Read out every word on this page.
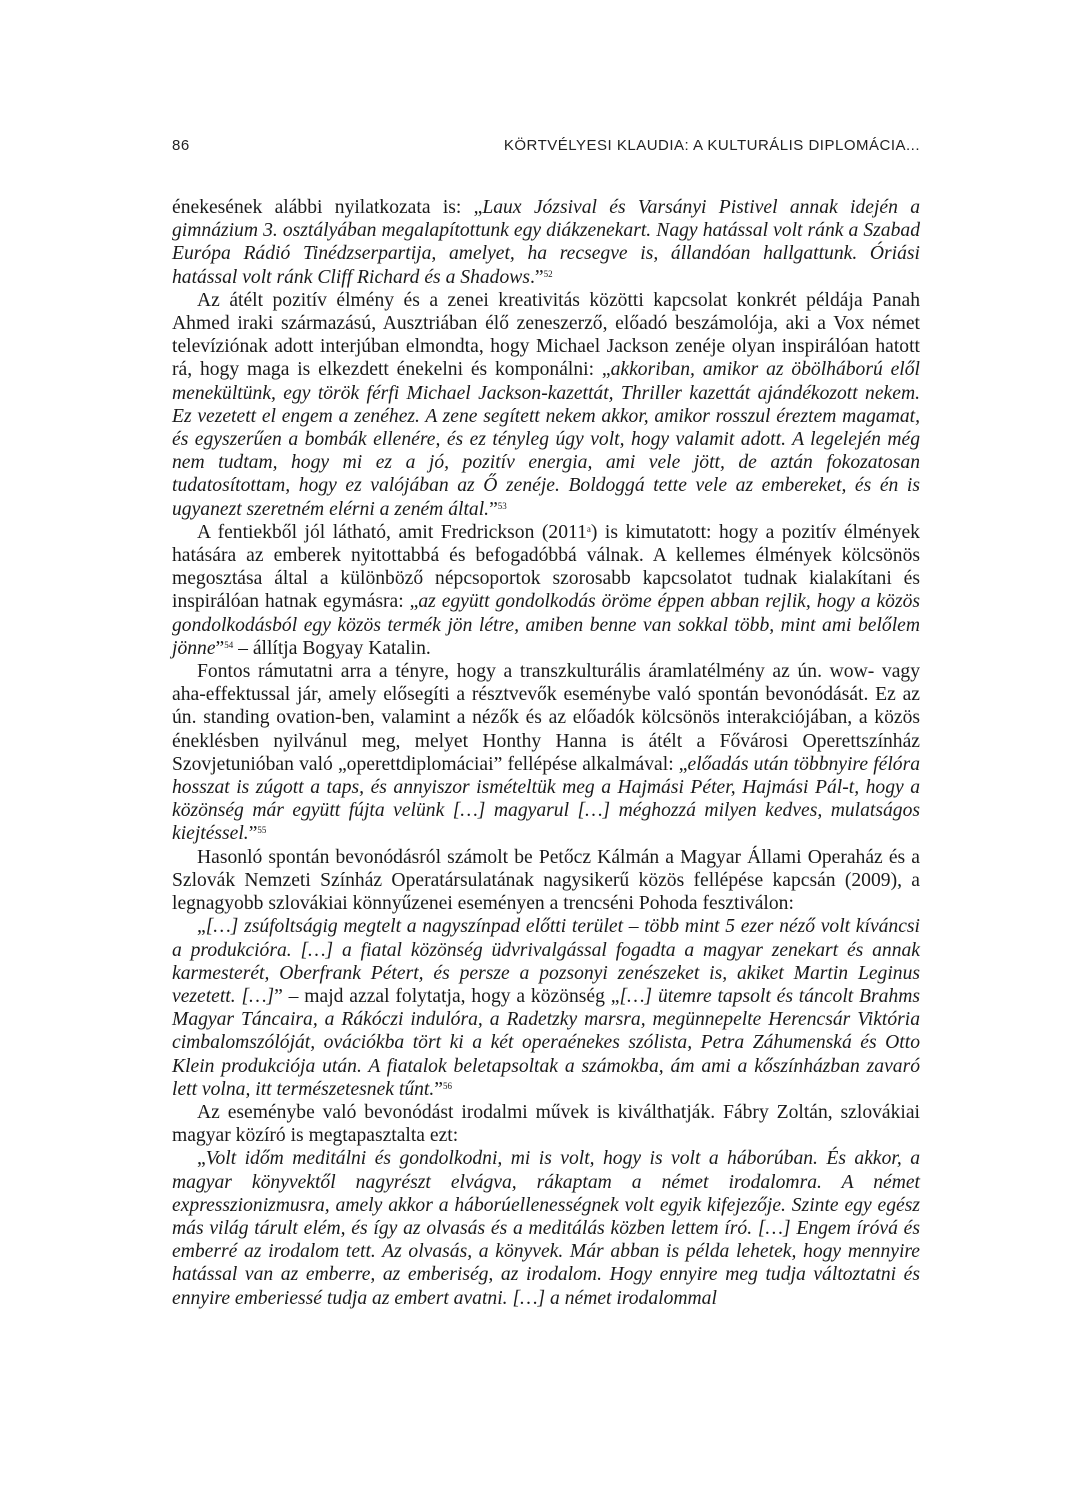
86	KÖRTVÉLYESI KLAUDIA: A KULTURÁLIS DIPLOMÁCIA...

énekesének alábbi nyilatkozata is: „Laux Józsival és Varsányi Pistivel annak idején a gimnázium 3. osztályában megalapítottunk egy diákzenekart. Nagy hatással volt ránk a Szabad Európa Rádió Tinédzserpartija, amelyet, ha recsegve is, állandóan hallgattunk. Óriási hatással volt ránk Cliff Richard és a Shadows.”$^{52}$

Az átélt pozitív élmény és a zenei kreativitás közötti kapcsolat konkrét példája Panah Ahmed iraki származású, Ausztriában élő zeneszerző, előadó beszámolója, aki a Vox német televíziónak adott interjúban elmondta, hogy Michael Jackson zenéje olyan inspirálóan hatott rá, hogy maga is elkezdett énekelni és komponálni: „akkoriban, amikor az öbölháború elől menekültünk, egy török férfi Michael Jackson-kazettát, Thriller kazettát ajándékozott nekem. Ez vezetett el engem a zenéhez. A zene segített nekem akkor, amikor rosszul éreztem magamat, és egyszerűen a bombák ellenére, és ez tényleg úgy volt, hogy valamit adott. A legelején még nem tudtam, hogy mi ez a jó, pozitív energia, ami vele jött, de aztán fokozatosan tudatosítottam, hogy ez valójában az Ő zenéje. Boldoggá tette vele az embereket, és én is ugyanezt szeretném elérni a zeném által.”$^{53}$

A fentiekből jól látható, amit Fredrickson (2011$^a$) is kimutatott: hogy a pozitív élmények hatására az emberek nyitottabbá és befogadóbbá válnak. A kellemes élmények kölcsönös megosztása által a különböző népcsoportok szorosabb kapcsolatot tudnak kialakítani és inspirálóan hatnak egymásra: „az együtt gondolkodás öröme éppen abban rejlik, hogy a közös gondolkodásból egy közös termék jön létre, amiben benne van sokkal több, mint ami belőlem jönne”$^{54}$ – állítja Bogyay Katalin.

Fontos rámutatni arra a tényre, hogy a transzkulturális áramlatélmény az ún. wow- vagy aha-effektussal jár, amely elősegíti a résztvevők eseménybe való spontán bevonódását. Ez az ún. standing ovation-ben, valamint a nézők és az előadók kölcsönös interakciójában, a közös éneklésben nyilvánul meg, melyet Honthy Hanna is átélt a Fővárosi Operettszínház Szovjetunióban való „operettdiplomáciai” fellépése alkalmával: „előadás után többnyire félóra hosszat is zúgott a taps, és annyiszor ismételtük meg a Hajmási Péter, Hajmási Pál-t, hogy a közönség már együtt fújta velünk […] magyarul […] méghozzá milyen kedves, mulatságos kiejtéssel.”$^{55}$

Hasonló spontán bevonódásról számolt be Petőcz Kálmán a Magyar Állami Operaház és a Szlovák Nemzeti Színház Operatársulatának nagysikerű közös fellépése kapcsán (2009), a legnagyobb szlovákiai könnyűzenei eseményen a trencséni Pohoda fesztiválon:

„[…] zsúfoltságig megtelt a nagyszínpad előtti terület – több mint 5 ezer néző volt kíváncsi a produkcióra. […] a fiatal közönség üdvrivalgással fogadta a magyar zenekart és annak karmesterét, Oberfrank Pétert, és persze a pozsonyi zenészeket is, akiket Martin Leginus vezetett. […]” – majd azzal folytatja, hogy a közönség „[…] ütemre tapsolt és táncolt Brahms Magyar Táncaira, a Rákóczi indulóra, a Radetzky marsra, megünnepelte Herencsár Viktória cimbalomszólóját, ovációkba tört ki a két operaénekes szólista, Petra Záhumenská és Otto Klein produkciója után. A fiatalok beletapsoltak a számokba, ám ami a kőszínházban zavaró lett volna, itt természetesnek tűnt.”$^{56}$

Az eseménybe való bevonódást irodalmi művek is kiválthatják. Fábry Zoltán, szlovákiai magyar közíró is megtapasztalta ezt:

„Volt időm meditálni és gondolkodni, mi is volt, hogy is volt a háborúban. És akkor, a magyar könyvektől nagyrészt elvágva, rákaptam a német irodalomra. A német expresszionizmusra, amely akkor a háborúellenességnek volt egyik kifejezője. Szinte egy egész más világ tárult elém, és így az olvasás és a meditálás közben lettem író. […] Engem íróvá és emberré az irodalom tett. Az olvasás, a könyvek. Már abban is példa lehetek, hogy mennyire hatással van az emberre, az emberiség, az irodalom. Hogy ennyire meg tudja változtatni és ennyire emberiessé tudja az embert avatni. […] a német irodalommal
